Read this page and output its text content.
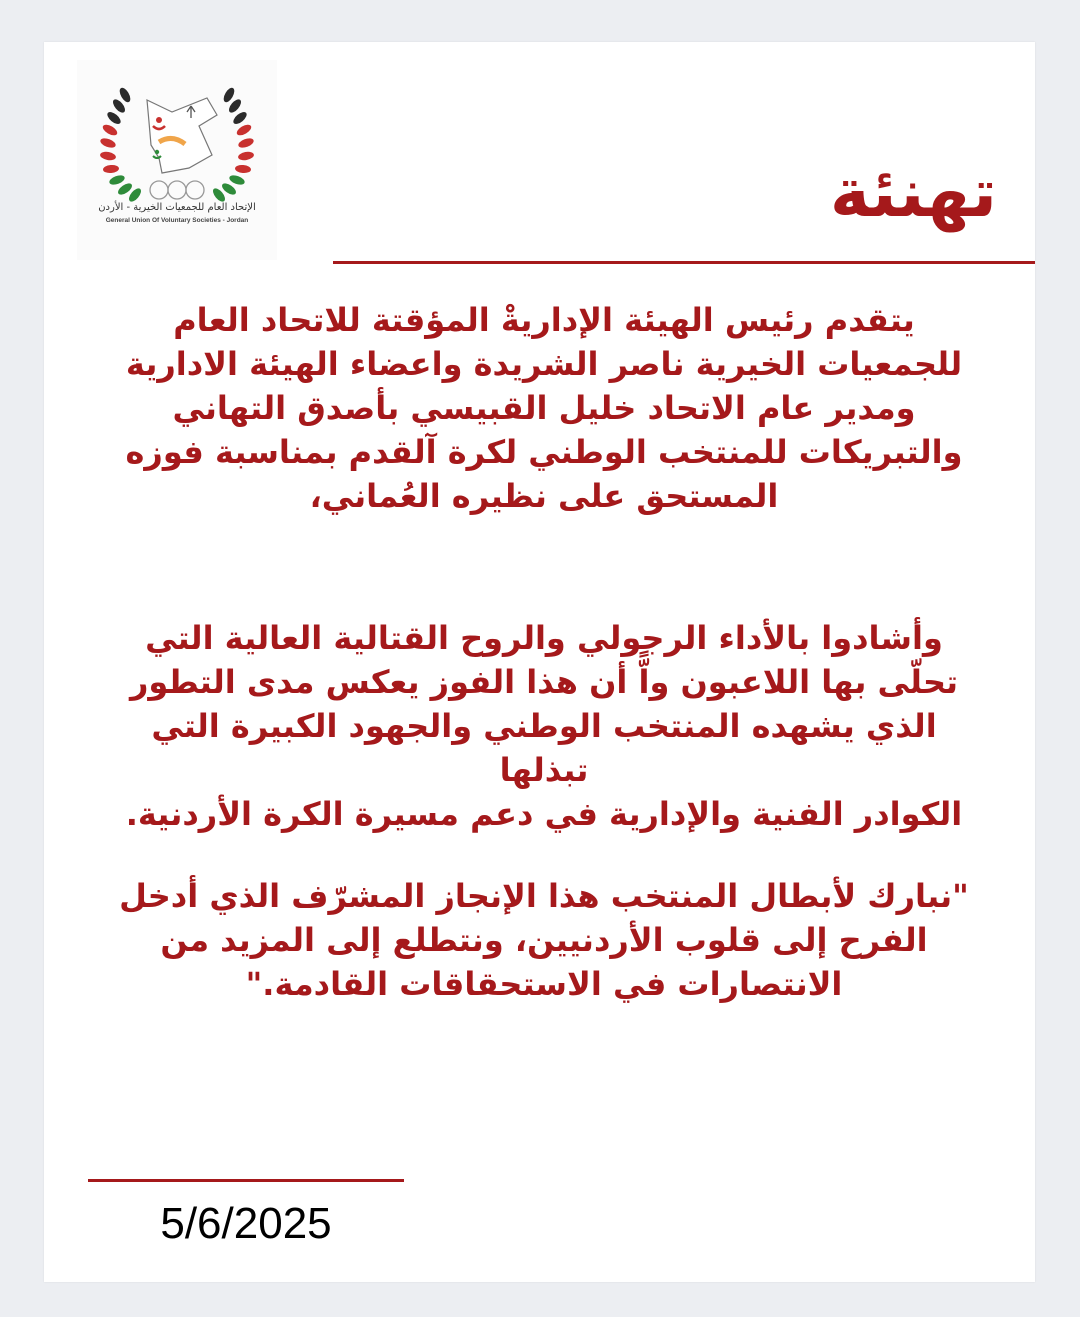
الإتحاد العام للجمعيات الخيرية - الأردن
General Union Of Voluntary Societies - Jordan	تهنئة
يتقدم رئيس الهيئة الإداريةْ المؤقتة للاتحاد العام
للجمعيات الخيرية ناصر الشريدة واعضاء الهيئة الادارية
ومدير عام الاتحاد خليل القبيسي بأصدق التهاني
والتبريكات للمنتخب الوطني لكرة آلقدم بمناسبة فوزه
المستحق على نظيره العُماني،
وأشادوا بالأداء الرجولي والروح القتالية العالية التي
تحلّى بها اللاعبون واًّ أن هذا الفوز يعكس مدى التطور
الذي يشهده المنتخب الوطني والجهود الكبيرة التي تبذلها
الكوادر الفنية والإدارية في دعم مسيرة الكرة الأردنية.
"نبارك لأبطال المنتخب هذا الإنجاز المشرّف الذي أدخل
الفرح إلى قلوب الأردنيين، ونتطلع إلى المزيد من
الانتصارات في الاستحقاقات القادمة."
5/6/2025
